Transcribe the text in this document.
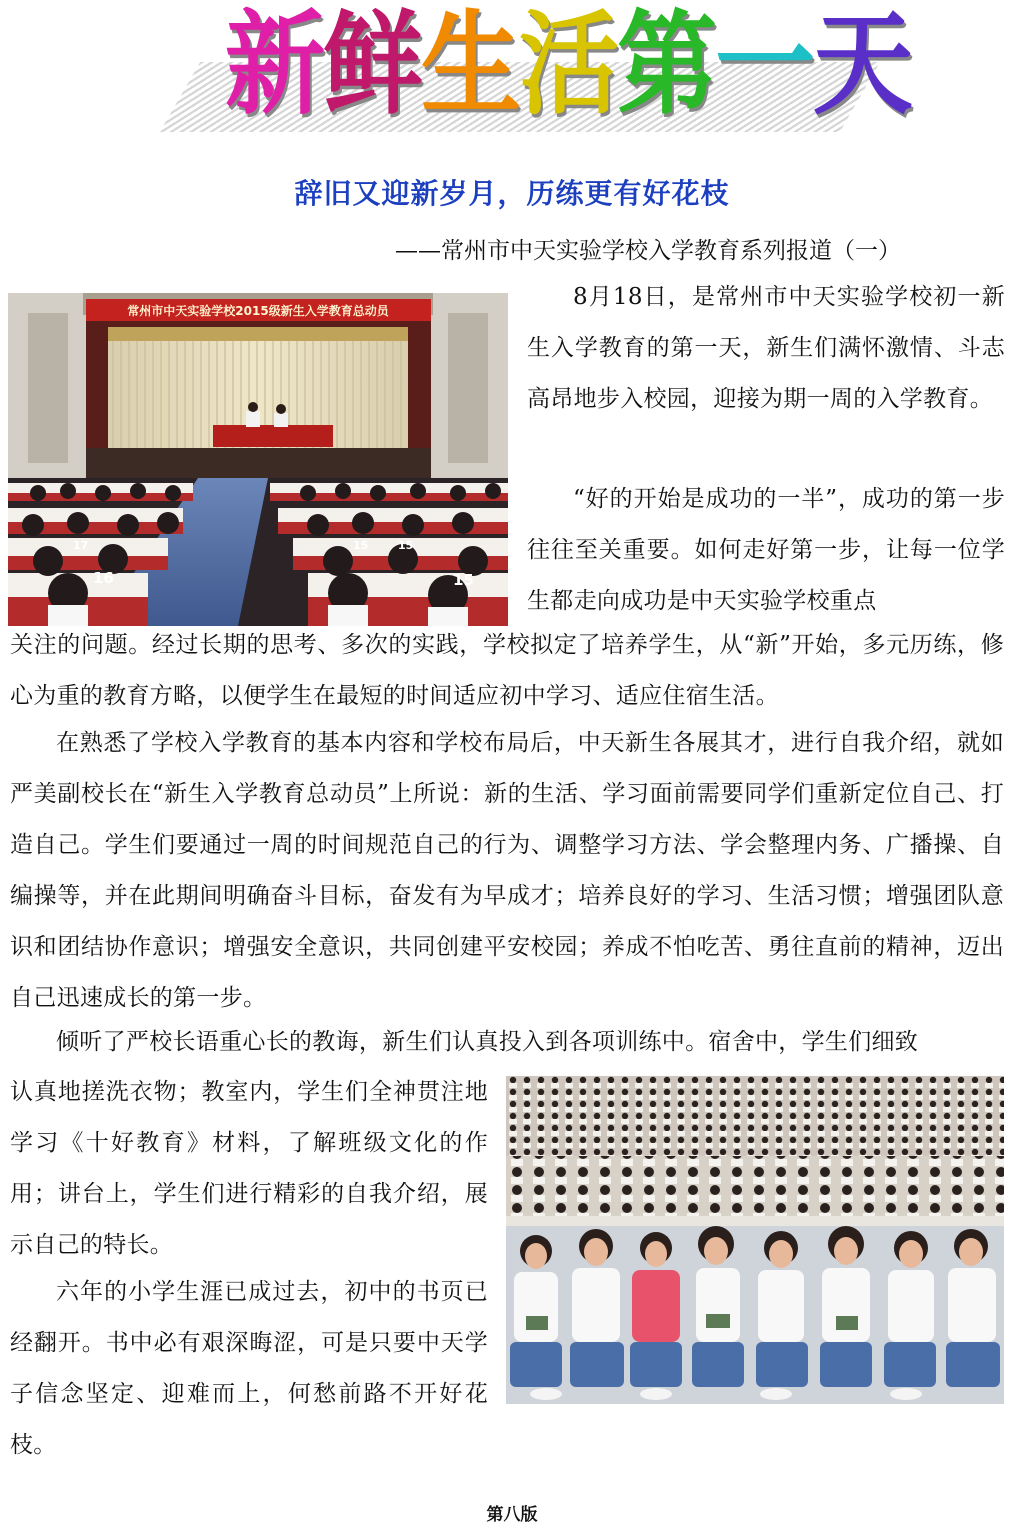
新鲜生活第一天
辞旧又迎新岁月，历练更有好花枝
——常州市中天实验学校入学教育系列报道（一）
常州市中天实验学校2015级新生入学教育总动员
17	15
16
15
15
8月18日，是常州市中天实验学校初一新生入学教育的第一天，新生们满怀激情、斗志高昂地步入校园，迎接为期一周的入学教育。
“好的开始是成功的一半”，成功的第一步往往至关重要。如何走好第一步，让每一位学生都走向成功是中天实验学校重点
关注的问题。经过长期的思考、多次的实践，学校拟定了培养学生，从“新”开始，多元历练，修心为重的教育方略，以便学生在最短的时间适应初中学习、适应住宿生活。
在熟悉了学校入学教育的基本内容和学校布局后，中天新生各展其才，进行自我介绍，就如严美副校长在“新生入学教育总动员”上所说：新的生活、学习面前需要同学们重新定位自己、打造自己。学生们要通过一周的时间规范自己的行为、调整学习方法、学会整理内务、广播操、自编操等，并在此期间明确奋斗目标，奋发有为早成才；培养良好的学习、生活习惯；增强团队意识和团结协作意识；增强安全意识，共同创建平安校园；养成不怕吃苦、勇往直前的精神，迈出自己迅速成长的第一步。
倾听了严校长语重心长的教诲，新生们认真投入到各项训练中。宿舍中，学生们细致
认真地搓洗衣物；教室内，学生们全神贯注地学习《十好教育》材料，了解班级文化的作用；讲台上，学生们进行精彩的自我介绍，展示自己的特长。
六年的小学生涯已成过去，初中的书页已经翻开。书中必有艰深晦涩，可是只要中天学子信念坚定、迎难而上，何愁前路不开好花枝。
第八版
